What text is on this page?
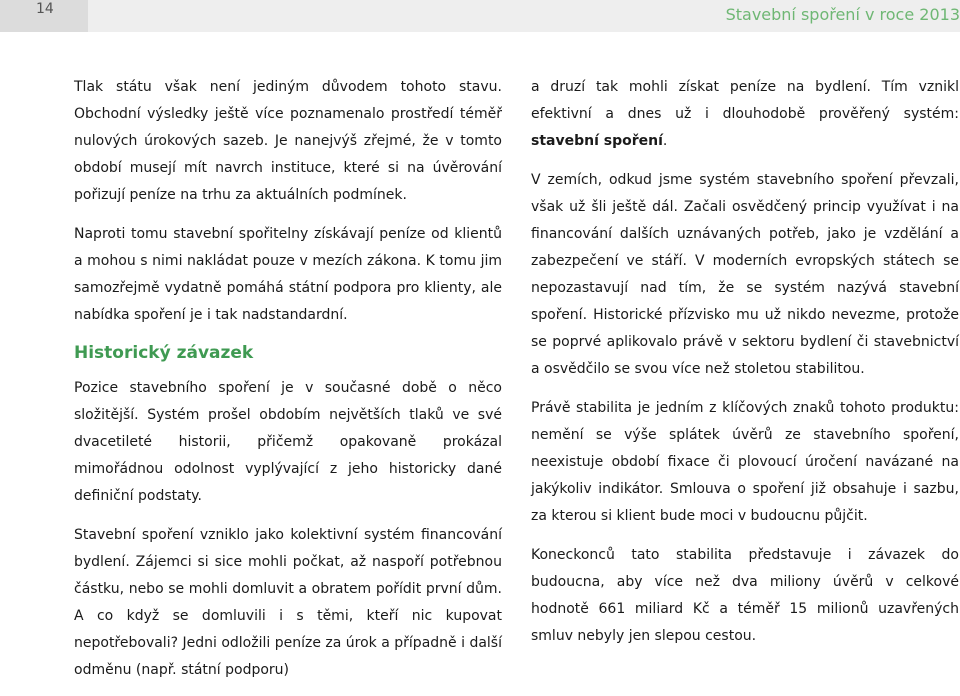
14	Stavební spoření v roce 2013

Tlak státu však není jediným důvodem tohoto stavu. Obchodní výsledky ještě více poznamenalo prostředí téměř nulových úrokových sazeb. Je nanejvýš zřejmé, že v tomto období musejí mít navrch instituce, které si na úvěrování pořizují peníze na trhu za aktuálních podmínek.

Naproti tomu stavební spořitelny získávají peníze od klientů a mohou s nimi nakládat pouze v mezích zákona. K tomu jim samozřejmě vydatně pomáhá státní podpora pro klienty, ale nabídka spoření je i tak nadstandardní.

Historický závazek

Pozice stavebního spoření je v současné době o něco složitější. Systém prošel obdobím největších tlaků ve své dvacetileté historii, přičemž opakovaně prokázal mimořádnou odolnost vyplývající z jeho historicky dané definiční podstaty.

Stavební spoření vzniklo jako kolektivní systém financování bydlení. Zájemci si sice mohli počkat, až naspoří potřebnou částku, nebo se mohli domluvit a obratem pořídit první dům. A co když se domluvili i s těmi, kteří nic kupovat nepotřebovali? Jedni odložili peníze za úrok a případně i další odměnu (např. státní podporu)

a druzí tak mohli získat peníze na bydlení. Tím vznikl efektivní a dnes už i dlouhodobě prověřený systém: stavební spoření.

V zemích, odkud jsme systém stavebního spoření převzali, však už šli ještě dál. Začali osvědčený princip využívat i na financování dalších uznávaných potřeb, jako je vzdělání a zabezpečení ve stáří. V moderních evropských státech se nepozastavují nad tím, že se systém nazývá stavební spoření. Historické přízvisko mu už nikdo nevezme, protože se poprvé aplikovalo právě v sektoru bydlení či stavebnictví a osvědčilo se svou více než stoletou stabilitou.

Právě stabilita je jedním z klíčových znaků tohoto produktu: nemění se výše splátek úvěrů ze stavebního spoření, neexistuje období fixace či plovoucí úročení navázané na jakýkoliv indikátor. Smlouva o spoření již obsahuje i sazbu, za kterou si klient bude moci v budoucnu půjčit.

Koneckonců tato stabilita představuje i závazek do budoucna, aby více než dva miliony úvěrů v celkové hodnotě 661 miliard Kč a téměř 15 milionů uzavřených smluv nebyly jen slepou cestou.
